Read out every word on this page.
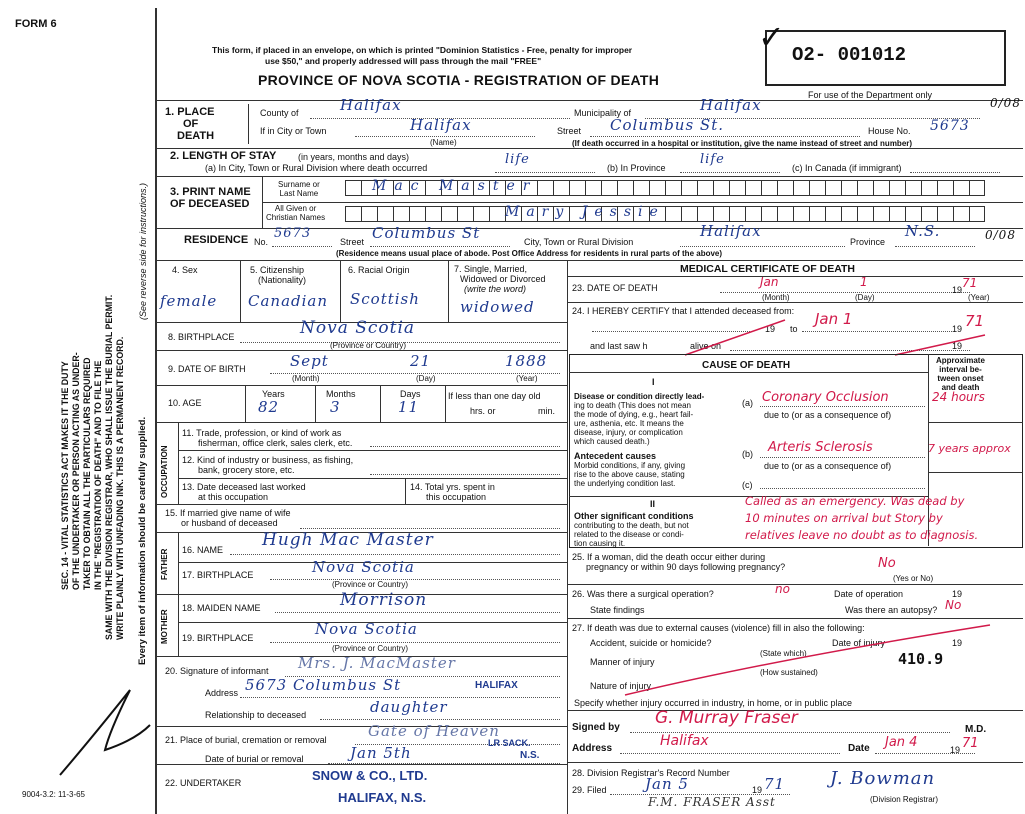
FORM 6
This form, if placed in an envelope, on which is printed "Dominion Statistics - Free, penalty for improper
use $50," and properly addressed will pass through the mail "FREE"
PROVINCE OF NOVA SCOTIA - REGISTRATION OF DEATH
O2- 001012
✓
For use of the Department only
SEC. 14 - VITAL STATISTICS ACT MAKES IT THE DUTY OF THE UNDERTAKER OR PERSON ACTING AS UNDER- TAKER TO OBTAIN ALL THE PARTICULARS REQUIRED IN THE "REGISTRATION OF DEATH" AND TO FILE THE SAME WITH THE DIVISION REGISTRAR, WHO SHALL ISSUE THE BURIAL PERMIT. WRITE PLAINLY WITH UNFADING INK. THIS IS A PERMANENT RECORD.
(See reverse side for instructions.)
Every item of information should be carefully supplied.
9004-3.2: 11-3-65
1. PLACE
OF
DEATH
County of	Halifax	Municipality of	Halifax
If in City or Town	Halifax
(Name)
Street Columbus St.	House No. 5673
(If death occurred in a hospital or institution, give the name instead of street and number)
0/08
2. LENGTH OF STAY (in years, months and days)
(a) In City, Town or Rural Division where death occurred
life
(b) In Province
life
(c) In Canada (if immigrant)
3. PRINT NAME
OF DECEASED
Surname or
Last Name
All Given or
Christian Names
Mac Master
Mary Jessie
RESIDENCE No.
5673
Street Columbus St	City, Town or Rural Division
Halifax
Province
N.S.	0/08
(Residence means usual place of abode. Post Office Address for residents in rural parts of the above)
4. Sex
female
5. Citizenship
(Nationality)
Canadian
6. Racial Origin
Scottish
7. Single, Married,
Widowed or Divorced
(write the word)
widowed
8. BIRTHPLACE	Nova Scotia
(Province or Country)
9. DATE OF BIRTH	Sept	21	1888
(Month)	(Day)	(Year)
10. AGE
Years
82
Months
3
Days
11
If less than one day old
hrs. or	min.
OCCUPATION
11. Trade, profession, or kind of work as
fisherman, office clerk, sales clerk, etc.
12. Kind of industry or business, as fishing,
bank, grocery store, etc.
13. Date deceased last worked
at this occupation
14. Total yrs. spent in
this occupation
15. If married give name of wife
or husband of deceased
FATHER 16. NAME Hugh Mac Master
17. BIRTHPLACE	Nova Scotia
(Province or Country)
MOTHER
18. MAIDEN NAME	Morrison
19. BIRTHPLACE	Nova Scotia
(Province or Country)
20. Signature of informant Mrs. J. MacMaster
Address 5673 Columbus St	HALIFAX
Relationship to deceased	daughter
21. Place of burial, cremation or removal	Gate of Heaven
LR SACK.
Date of burial or removal	Jan 5th	N.S.
22. UNDERTAKER	SNOW & CO., LTD.
HALIFAX, N.S.
MEDICAL CERTIFICATE OF DEATH
23. DATE OF DEATH	Jan	1
19 71
(Month)	(Day)	(Year)
24. I HEREBY CERTIFY that I attended deceased from:
19 to
Jan 1
19 71
and last saw h	alive on	19
CAUSE OF DEATH	Approximate
interval be-
tween onset
and death
I
Disease or condition directly lead-
ing to death (This does not mean
the mode of dying, e.g., heart fail-
ure, asthenia, etc. It means the
disease, injury, or complication
which caused death.)
(a) Coronary Occlusion	24 hours
due to (or as a consequence of)
Antecedent causes
Morbid conditions, if any, giving
rise to the above cause, stating
the underlying condition last.
(b) Arteris Sclerosis	7 years approx
due to (or as a consequence of)
(c)
II
Other significant conditions
contributing to the death, but not
related to the disease or condi-
tion causing it.
Called as an emergency. Was dead by
10 minutes on arrival but Story by
relatives leave no doubt as to diagnosis.
25. If a woman, did the death occur either during
pregnancy or within 90 days following pregnancy?	No
(Yes or No)
26. Was there a surgical operation?	no	Date of operation	19
State findings	Was there an autopsy? No
27. If death was due to external causes (violence) fill in also the following:
Accident, suicide or homicide?
(State which)
Date of injury	19
Manner of injury	410.9
(How sustained)
Nature of injury
Specify whether injury occurred in industry, in home, or in public place
Signed by G. Murray Fraser
M.D.
Address	Halifax	Date Jan 4	19 71
28. Division Registrar's Record Number
29. Filed	Jan 5	19 71 J. Bowman
(Division Registrar)
F.M. FRASER Asst
